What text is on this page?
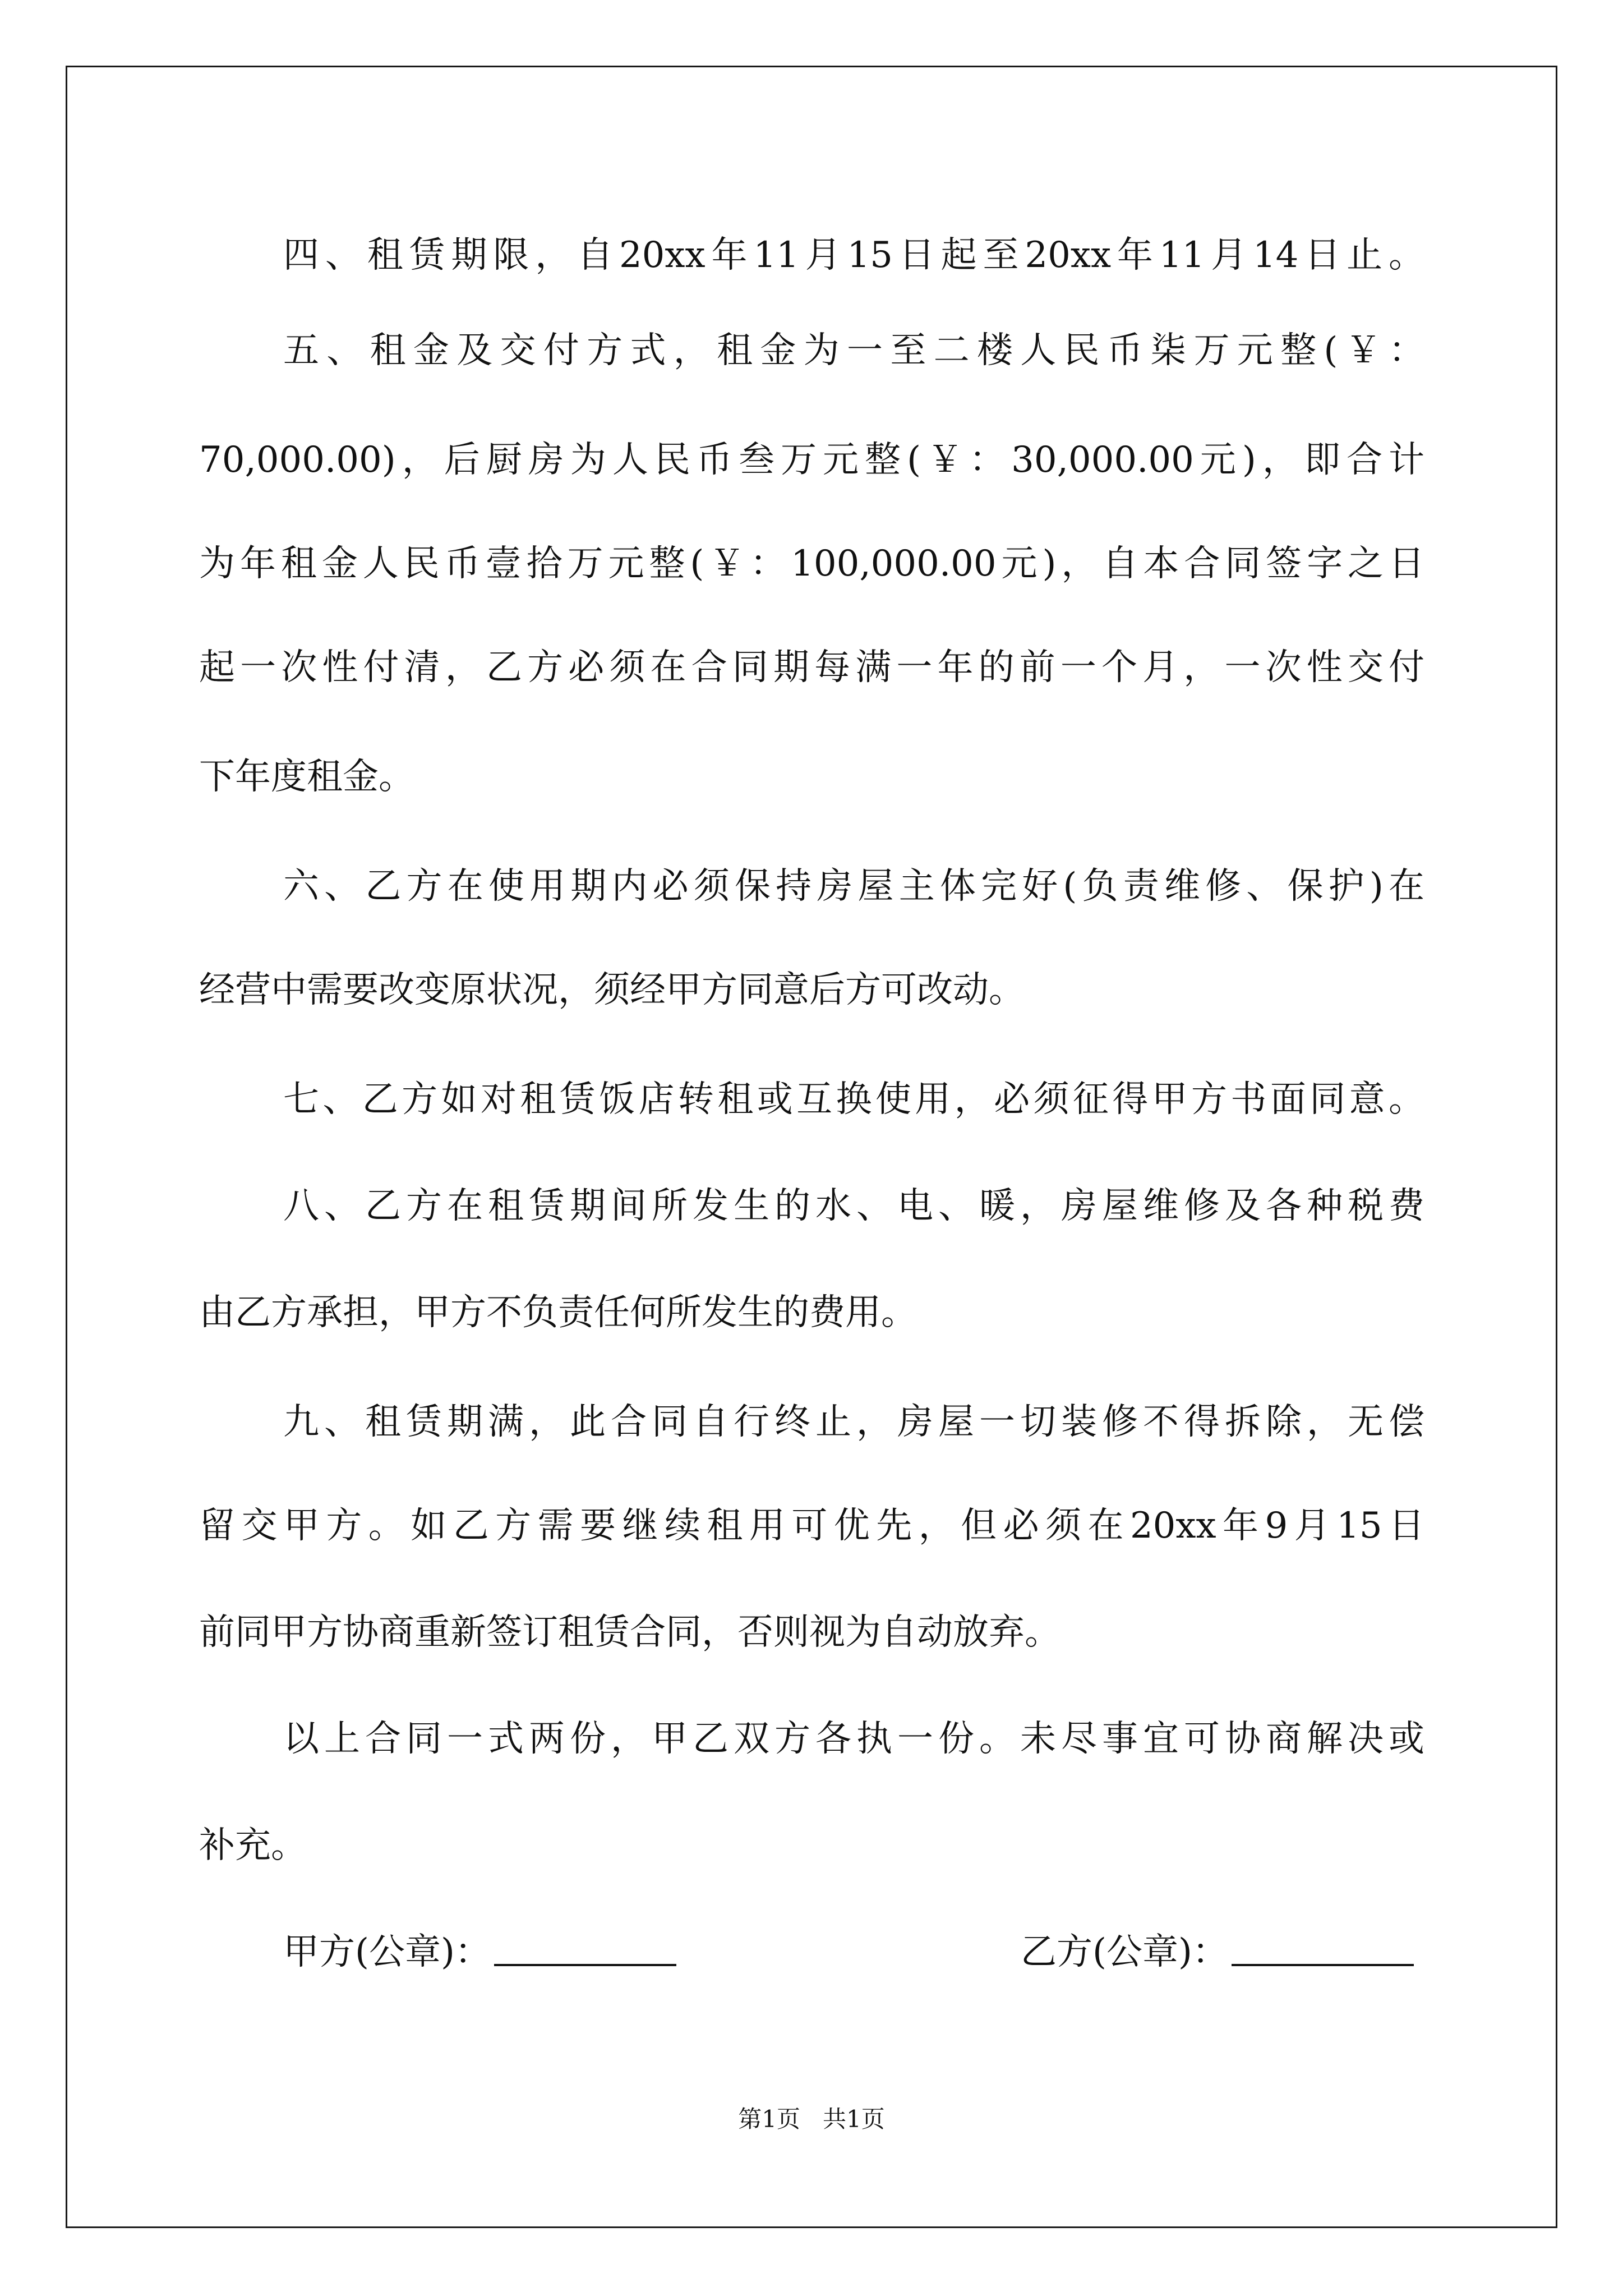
四、租赁期限，自20xx年11月15日起至20xx年11月14日止。
五、租金及交付方式，租金为一至二楼人民币柒万元整(￥：
70,000.00)，后厨房为人民币叁万元整(￥：30,000.00元)，即合计
为年租金人民币壹拾万元整(￥：100,000.00元)，自本合同签字之日
起一次性付清，乙方必须在合同期每满一年的前一个月，一次性交付
下年度租金。
六、乙方在使用期内必须保持房屋主体完好(负责维修、保护)在
经营中需要改变原状况，须经甲方同意后方可改动。
七、乙方如对租赁饭店转租或互换使用，必须征得甲方书面同意。
八、乙方在租赁期间所发生的水、电、暖，房屋维修及各种税费
由乙方承担，甲方不负责任何所发生的费用。
九、租赁期满，此合同自行终止，房屋一切装修不得拆除，无偿
留交甲方。如乙方需要继续租用可优先，但必须在20xx年9月15日
前同甲方协商重新签订租赁合同，否则视为自动放弃。
以上合同一式两份，甲乙双方各执一份。未尽事宜可协商解决或
补充。
甲方(公章)：	乙方(公章)：
第1页   共1页
